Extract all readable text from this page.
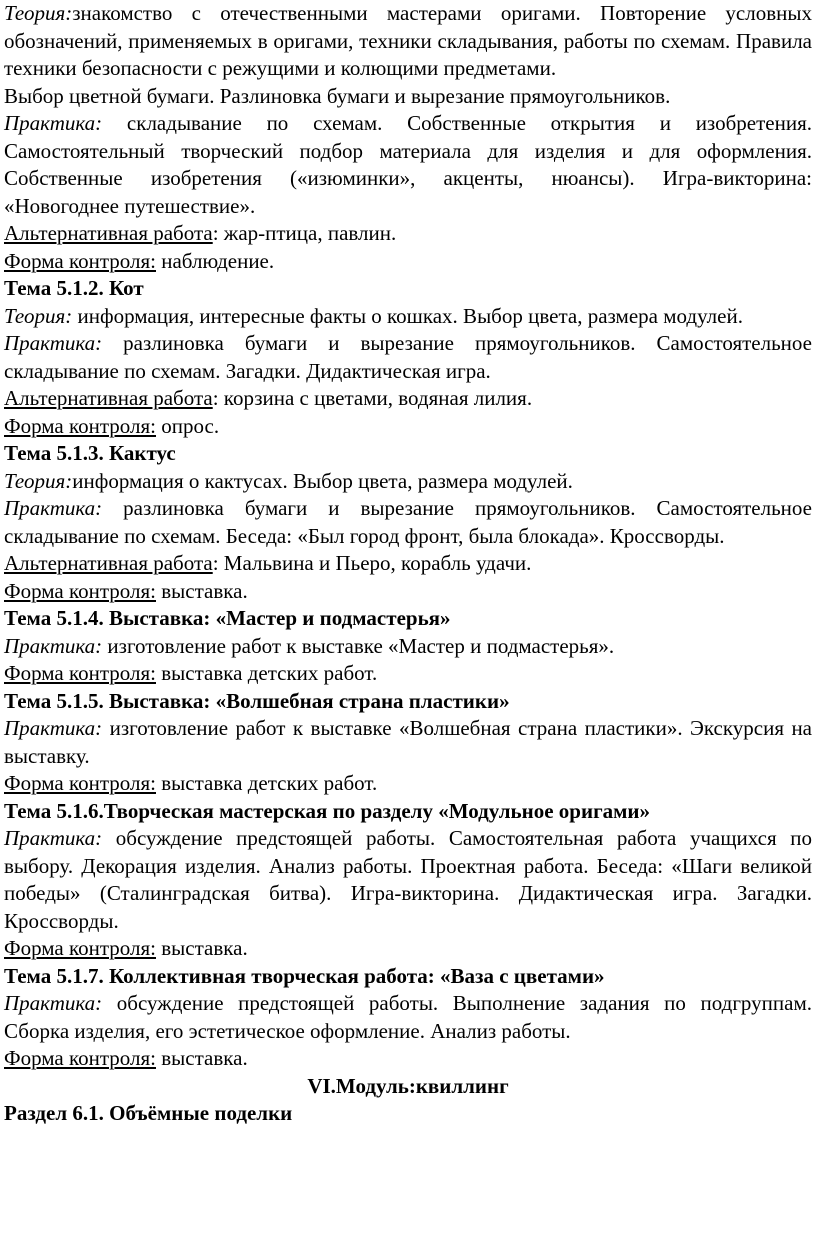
Теория:знакомство с отечественными мастерами оригами. Повторение условных обозначений, применяемых в оригами, техники складывания, работы по схемам. Правила техники безопасности с режущими и колющими предметами.

Выбор цветной бумаги. Разлиновка бумаги и вырезание прямоугольников.

Практика: складывание по схемам. Собственные открытия и изобретения. Самостоятельный творческий подбор материала для изделия и для оформления. Собственные изобретения («изюминки», акценты, нюансы). Игра-викторина: «Новогоднее путешествие».

Альтернативная работа: жар-птица, павлин.

Форма контроля: наблюдение.

Тема 5.1.2. Кот

Теория: информация, интересные факты о кошках. Выбор цвета, размера модулей.

Практика: разлиновка бумаги и вырезание прямоугольников. Самостоятельное складывание по схемам. Загадки. Дидактическая игра.

Альтернативная работа: корзина с цветами, водяная лилия.

Форма контроля: опрос.

Тема 5.1.3. Кактус

Теория:информация о кактусах. Выбор цвета, размера модулей.

Практика: разлиновка бумаги и вырезание прямоугольников. Самостоятельное складывание по схемам. Беседа: «Был город фронт, была блокада». Кроссворды.

Альтернативная работа: Мальвина и Пьеро, корабль удачи.

Форма контроля: выставка.

Тема 5.1.4. Выставка: «Мастер и подмастерья»

Практика: изготовление работ к выставке «Мастер и подмастерья».

Форма контроля: выставка детских работ.

Тема 5.1.5. Выставка: «Волшебная страна пластики»

Практика: изготовление работ к выставке «Волшебная страна пластики». Экскурсия на выставку.

Форма контроля: выставка детских работ.

Тема 5.1.6.Творческая мастерская по разделу «Модульное оригами»

Практика: обсуждение предстоящей работы. Самостоятельная работа учащихся по выбору. Декорация изделия. Анализ работы. Проектная работа. Беседа: «Шаги великой победы» (Сталинградская битва). Игра-викторина. Дидактическая игра. Загадки. Кроссворды.

Форма контроля: выставка.

Тема 5.1.7. Коллективная творческая работа: «Ваза с цветами»

Практика: обсуждение предстоящей работы. Выполнение задания по подгруппам. Сборка изделия, его эстетическое оформление. Анализ работы.

Форма контроля: выставка.

VI.Модуль:квиллинг

Раздел 6.1. Объёмные поделки
